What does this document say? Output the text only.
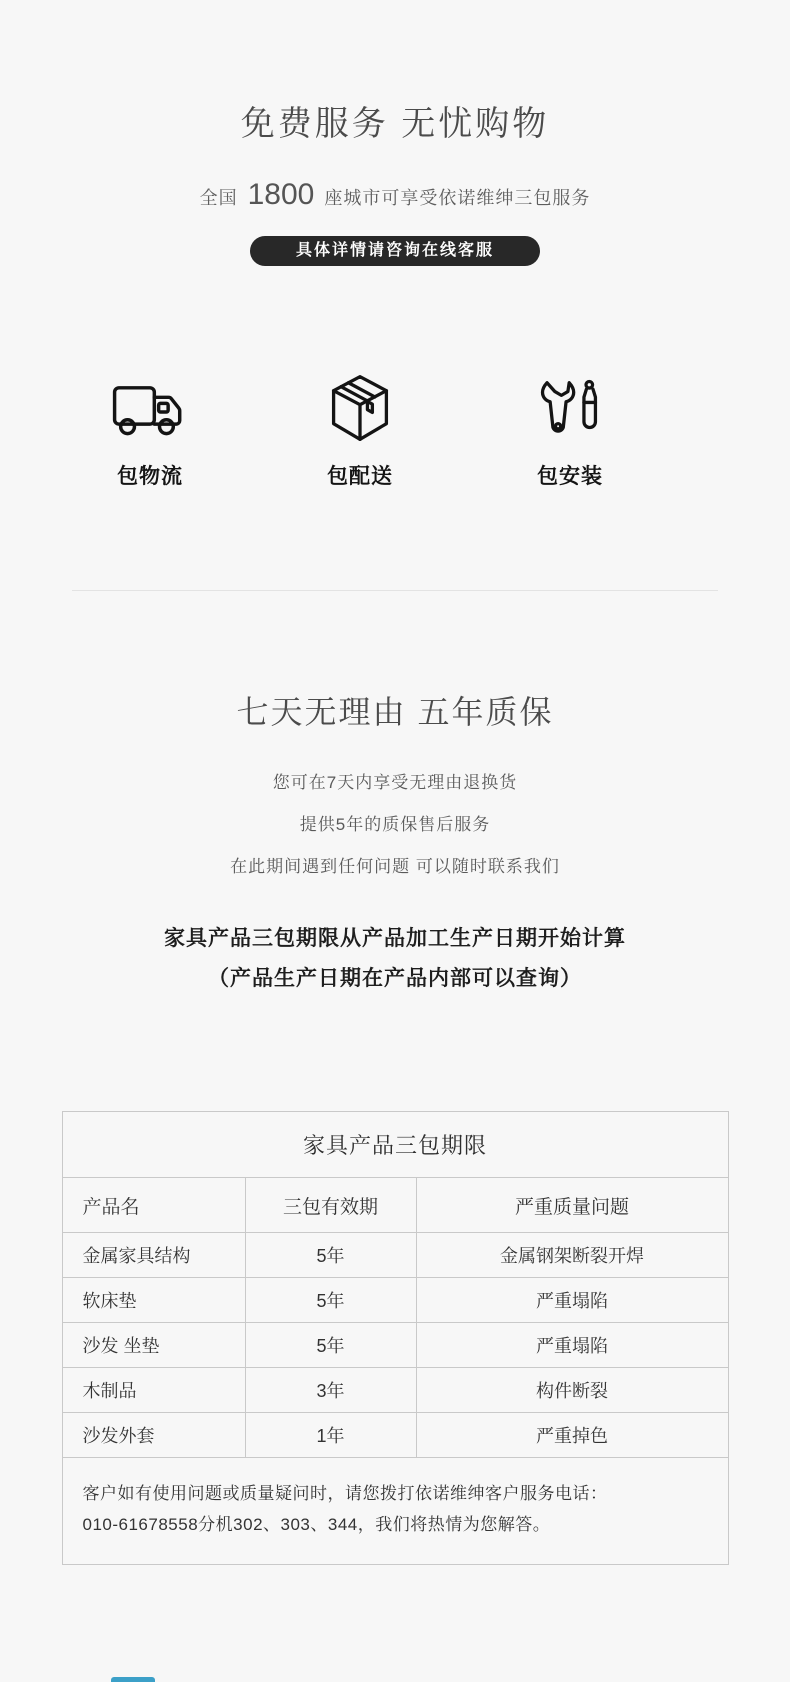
免费服务 无忧购物
全国 1800 座城市可享受依诺维绅三包服务
具体详情请咨询在线客服
包物流	包配送	包安装
七天无理由 五年质保

您可在7天内享受无理由退换货

提供5年的质保售后服务

在此期间遇到任何问题 可以随时联系我们

家具产品三包期限从产品加工生产日期开始计算
（产品生产日期在产品内部可以查询）
家具产品三包期限		
产品名	三包有效期	严重质量问题
金属家具结构	5年	金属钢架断裂开焊
软床垫	5年	严重塌陷
沙发 坐垫	5年	严重塌陷
木制品	3年	构件断裂
沙发外套	1年	严重掉色

客户如有使用问题或质量疑问时，请您拨打依诺维绅客户服务电话：
010-61678558分机302、303、344，我们将热情为您解答。		
